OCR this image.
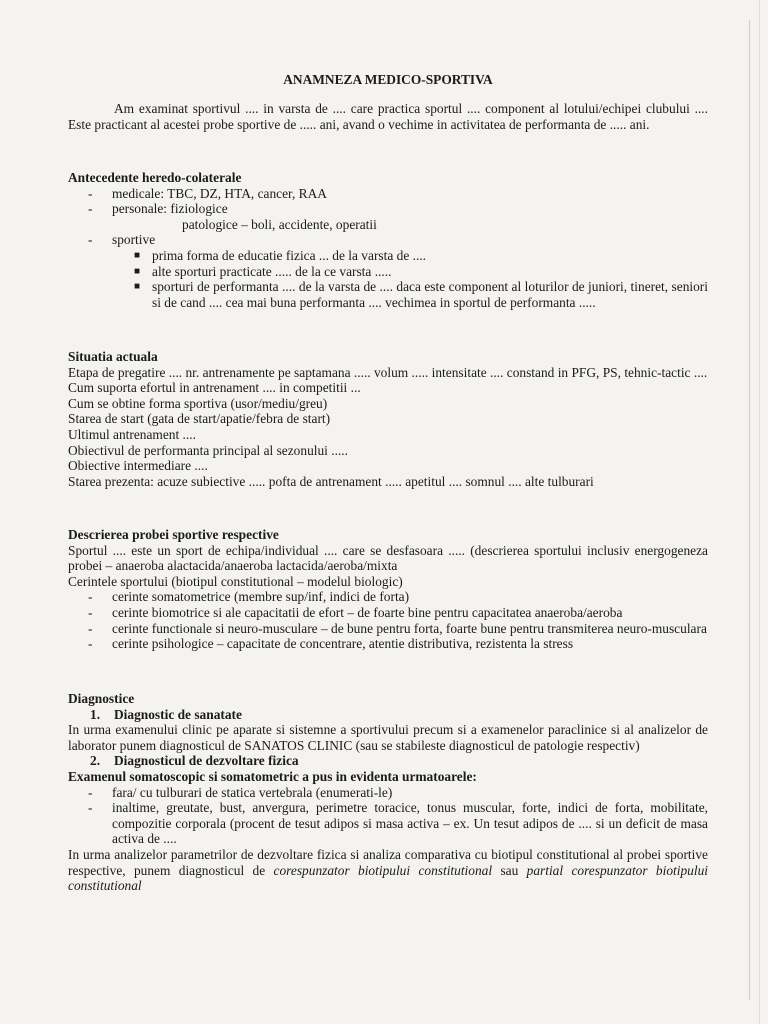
ANAMNEZA MEDICO-SPORTIVA
Am examinat sportivul .... in varsta de .... care practica sportul .... component al lotului/echipei clubului .... Este practicant al acestei probe sportive de ..... ani, avand o vechime in activitatea de performanta de ..... ani.
Antecedente heredo-colaterale
-	medicale: TBC, DZ, HTA, cancer, RAA
-	personale: fiziologice
patologice – boli, accidente, operatii
-	sportive
■ prima forma de educatie fizica ... de la varsta de ....
■ alte sporturi practicate ..... de la ce varsta .....
■ sporturi de performanta .... de la varsta de .... daca este component al loturilor de juniori, tineret, seniori si de cand .... cea mai buna performanta .... vechimea in sportul de performanta .....
Situatia actuala
Etapa de pregatire .... nr. antrenamente pe saptamana ..... volum ..... intensitate .... constand in PFG, PS, tehnic-tactic ....
Cum suporta efortul in antrenament .... in competitii ...
Cum se obtine forma sportiva (usor/mediu/greu)
Starea de start (gata de start/apatie/febra de start)
Ultimul antrenament ....
Obiectivul de performanta principal al sezonului .....
Obiective intermediare ....
Starea prezenta: acuze subiective ..... pofta de antrenament ..... apetitul .... somnul .... alte tulburari
Descrierea probei sportive respective
Sportul .... este un sport de echipa/individual .... care se desfasoara ..... (descrierea sportului inclusiv energogeneza probei – anaeroba alactacida/anaeroba lactacida/aeroba/mixta
Cerintele sportului (biotipul constitutional – modelul biologic)
-	cerinte somatometrice (membre sup/inf, indici de forta)
-	cerinte biomotrice si ale capacitatii de efort – de foarte bine pentru capacitatea anaeroba/aeroba
-	cerinte functionale si neuro-musculare – de bune pentru forta, foarte bune pentru transmiterea neuro-musculara
-	cerinte psihologice – capacitate de concentrare, atentie distributiva, rezistenta la stress
Diagnostice
1.	Diagnostic de sanatate
In urma examenului clinic pe aparate si sistemne a sportivului precum si a examenelor paraclinice si al analizelor de laborator punem diagnosticul de SANATOS CLINIC (sau se stabileste diagnosticul de patologie respectiv)
2.	Diagnosticul de dezvoltare fizica
Examenul somatoscopic si somatometric a pus in evidenta urmatoarele:
-	fara/ cu tulburari de statica vertebrala (enumerati-le)
-	inaltime, greutate, bust, anvergura, perimetre toracice, tonus muscular, forte, indici de forta, mobilitate, compozitie corporala (procent de tesut adipos si masa activa – ex. Un tesut adipos de .... si un deficit de masa activa de ....
In urma analizelor parametrilor de dezvoltare fizica si analiza comparativa cu biotipul constitutional al probei sportive respective, punem diagnosticul de corespunzator biotipului constitutional sau partial corespunzator biotipului constitutional
